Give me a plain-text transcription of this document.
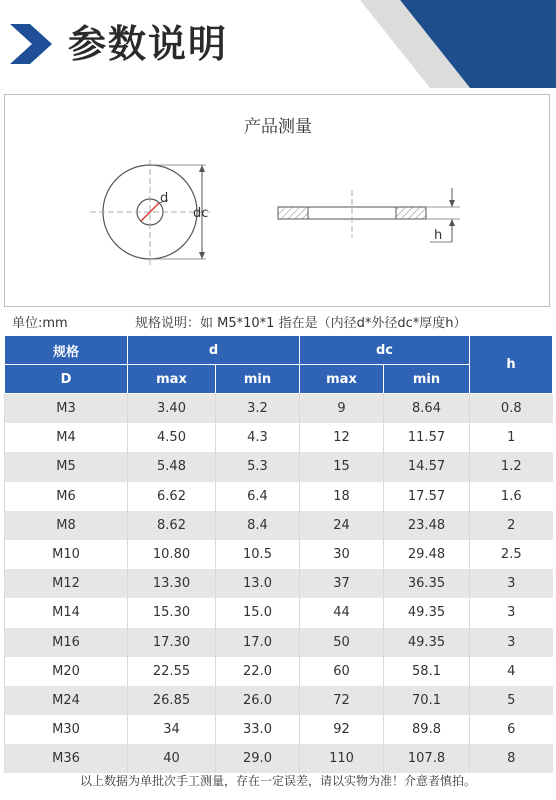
参数说明
产品测量
d
dc
h
单位:mm	规格说明：如 M5*10*1 指在是（内径d*外径dc*厚度h）
规格	d		dc		h
D	max	min	max	min	
M3	3.40	3.2	9	8.64	0.8
M4	4.50	4.3	12	11.57	1
M5	5.48	5.3	15	14.57	1.2
M6	6.62	6.4	18	17.57	1.6
M8	8.62	8.4	24	23.48	2
M10	10.80	10.5	30	29.48	2.5
M12	13.30	13.0	37	36.35	3
M14	15.30	15.0	44	49.35	3
M16	17.30	17.0	50	49.35	3
M20	22.55	22.0	60	58.1	4
M24	26.85	26.0	72	70.1	5
M30	34	33.0	92	89.8	6
M36	40	29.0	110	107.8	8
以上数据为单批次手工测量，存在一定误差，请以实物为准！介意者慎拍。
